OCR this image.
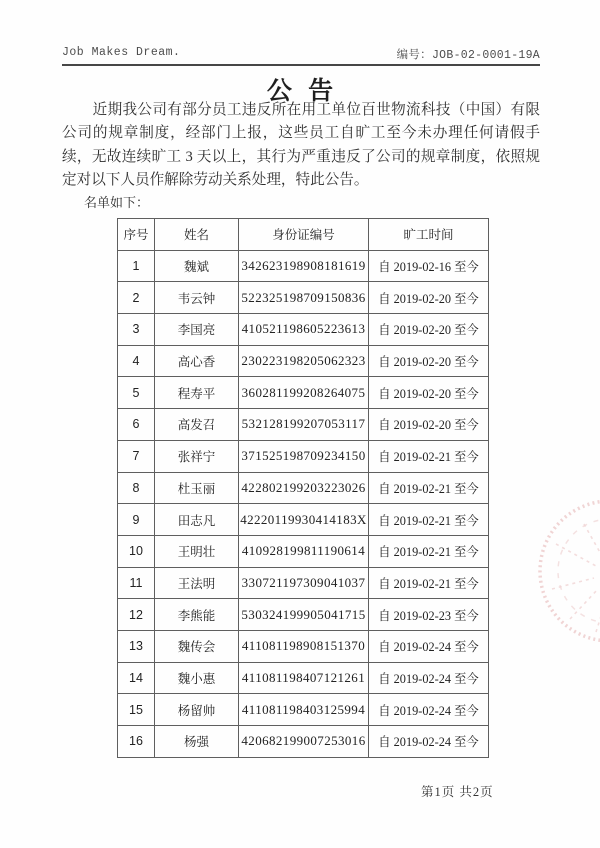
Job Makes Dream.	编号：JOB-02-0001-19A
公 告
近期我公司有部分员工违反所在用工单位百世物流科技（中国）有限公司的规章制度，经部门上报，这些员工自旷工至今未办理任何请假手续，无故连续旷工 3 天以上，其行为严重违反了公司的规章制度，依照规定对以下人员作解除劳动关系处理，特此公告。
名单如下：
序号	姓名	身份证编号	旷工时间
1	魏斌	342623198908181619	自 2019-02-16 至今
2	韦云钟	522325198709150836	自 2019-02-20 至今
3	李国亮	410521198605223613	自 2019-02-20 至今
4	高心香	230223198205062323	自 2019-02-20 至今
5	程寿平	360281199208264075	自 2019-02-20 至今
6	高发召	532128199207053117	自 2019-02-20 至今
7	张祥宁	371525198709234150	自 2019-02-21 至今
8	杜玉丽	422802199203223026	自 2019-02-21 至今
9	田志凡	42220119930414183X	自 2019-02-21 至今
10	王明壮	410928199811190614	自 2019-02-21 至今
11	王法明	330721197309041037	自 2019-02-21 至今
12	李熊能	530324199905041715	自 2019-02-23 至今
13	魏传会	411081198908151370	自 2019-02-24 至今
14	魏小惠	411081198407121261	自 2019-02-24 至今
15	杨留帅	411081198403125994	自 2019-02-24 至今
16	杨强	420682199007253016	自 2019-02-24 至今
第1页 共2页
